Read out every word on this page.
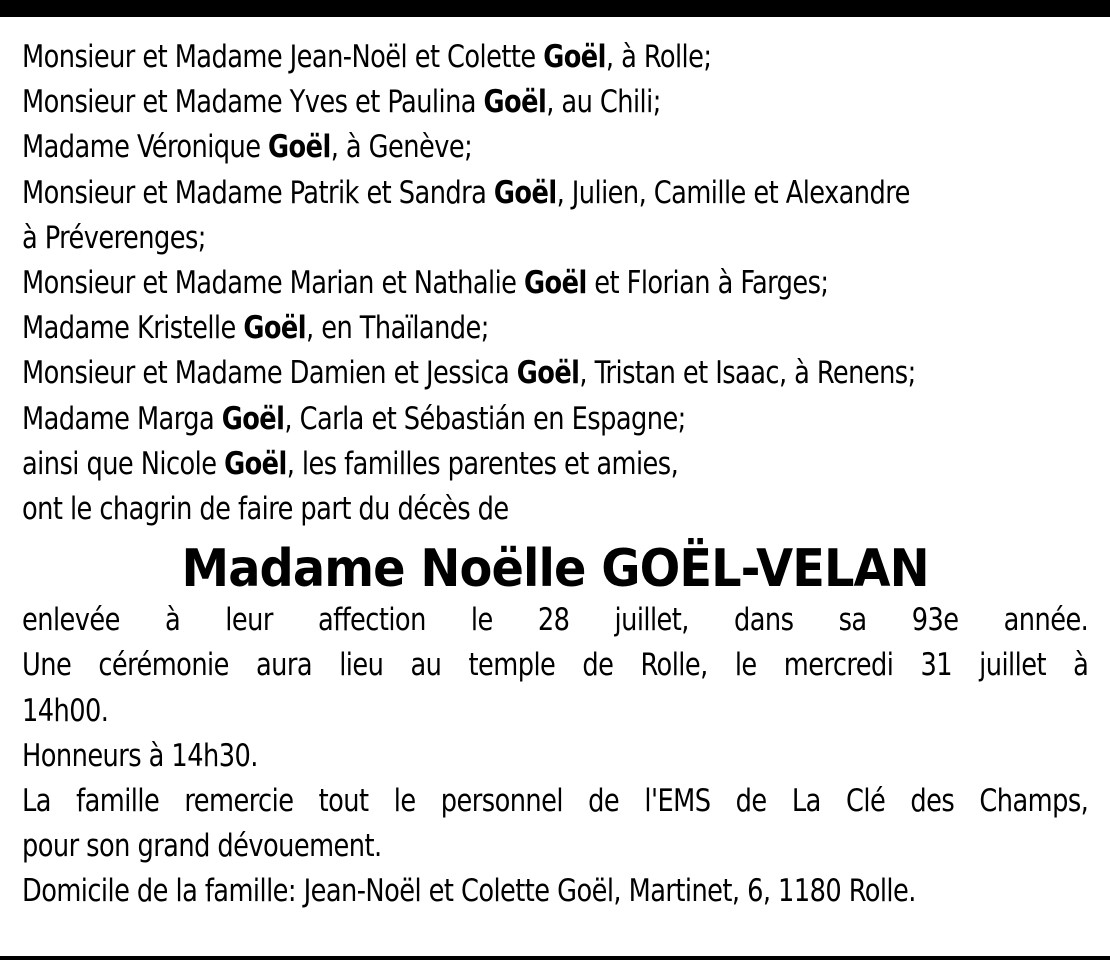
Monsieur et Madame Jean-Noël et Colette Goël, à Rolle;

Monsieur et Madame Yves et Paulina Goël, au Chili;

Madame Véronique Goël, à Genève;

Monsieur et Madame Patrik et Sandra Goël, Julien, Camille et Alexandre

à Préverenges;

Monsieur et Madame Marian et Nathalie Goël et Florian à Farges;

Madame Kristelle Goël, en Thaïlande;

Monsieur et Madame Damien et Jessica Goël, Tristan et Isaac, à Renens;

Madame Marga Goël, Carla et Sébastián en Espagne;

ainsi que Nicole Goël, les familles parentes et amies,

ont le chagrin de faire part du décès de

Madame Noëlle GOËL-VELAN

enlevée à leur affection le 28 juillet, dans sa 93e année.

Une cérémonie aura lieu au temple de Rolle, le mercredi 31 juillet à

14h00.

Honneurs à 14h30.

La famille remercie tout le personnel de l'EMS de La Clé des Champs,

pour son grand dévouement.

Domicile de la famille: Jean-Noël et Colette Goël, Martinet, 6, 1180 Rolle.
